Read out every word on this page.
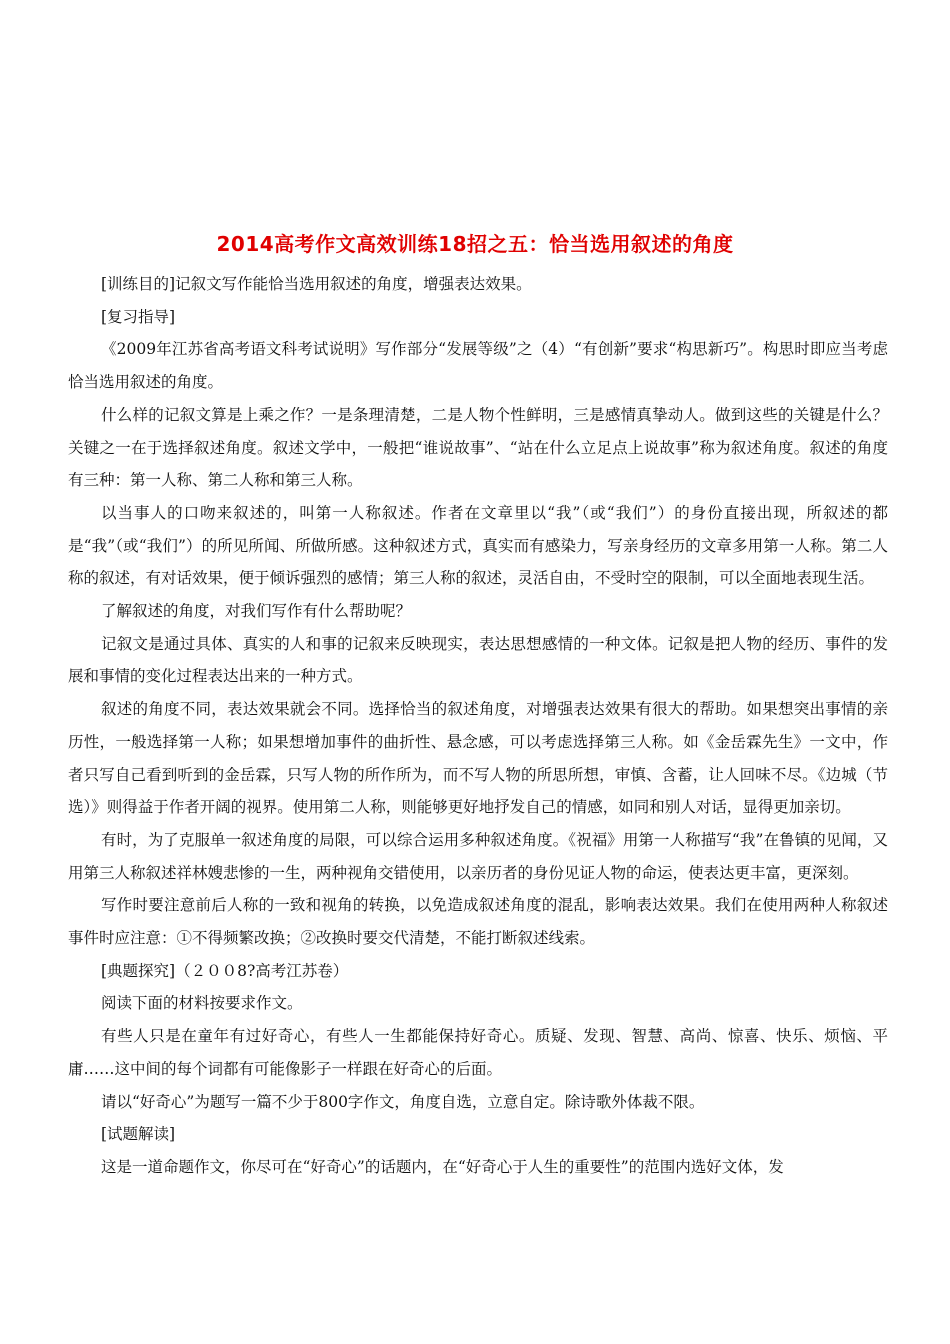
2014高考作文高效训练18招之五：恰当选用叙述的角度

[训练目的]记叙文写作能恰当选用叙述的角度，增强表达效果。

[复习指导]

《2009年江苏省高考语文科考试说明》写作部分“发展等级”之（4）“有创新”要求“构思新巧”。构思时即应当考虑恰当选用叙述的角度。

什么样的记叙文算是上乘之作？一是条理清楚，二是人物个性鲜明，三是感情真挚动人。做到这些的关键是什么？关键之一在于选择叙述角度。叙述文学中，一般把“谁说故事”、“站在什么立足点上说故事”称为叙述角度。叙述的角度有三种：第一人称、第二人称和第三人称。

以当事人的口吻来叙述的，叫第一人称叙述。作者在文章里以“我”（或“我们”）的身份直接出现，所叙述的都是“我”（或“我们”）的所见所闻、所做所感。这种叙述方式，真实而有感染力，写亲身经历的文章多用第一人称。第二人称的叙述，有对话效果，便于倾诉强烈的感情；第三人称的叙述，灵活自由，不受时空的限制，可以全面地表现生活。

了解叙述的角度，对我们写作有什么帮助呢？

记叙文是通过具体、真实的人和事的记叙来反映现实，表达思想感情的一种文体。记叙是把人物的经历、事件的发展和事情的变化过程表达出来的一种方式。

叙述的角度不同，表达效果就会不同。选择恰当的叙述角度，对增强表达效果有很大的帮助。如果想突出事情的亲历性，一般选择第一人称；如果想增加事件的曲折性、悬念感，可以考虑选择第三人称。如《金岳霖先生》一文中，作者只写自己看到听到的金岳霖，只写人物的所作所为，而不写人物的所思所想，审慎、含蓄，让人回味不尽。《边城（节选）》则得益于作者开阔的视界。使用第二人称，则能够更好地抒发自己的情感，如同和别人对话，显得更加亲切。

有时，为了克服单一叙述角度的局限，可以综合运用多种叙述角度。《祝福》用第一人称描写“我”在鲁镇的见闻，又用第三人称叙述祥林嫂悲惨的一生，两种视角交错使用，以亲历者的身份见证人物的命运，使表达更丰富，更深刻。

写作时要注意前后人称的一致和视角的转换，以免造成叙述角度的混乱，影响表达效果。我们在使用两种人称叙述事件时应注意：①不得频繁改换；②改换时要交代清楚，不能打断叙述线索。

[典题探究]（２００8?高考江苏卷）

阅读下面的材料按要求作文。

有些人只是在童年有过好奇心，有些人一生都能保持好奇心。质疑、发现、智慧、高尚、惊喜、快乐、烦恼、平庸……这中间的每个词都有可能像影子一样跟在好奇心的后面。

请以“好奇心”为题写一篇不少于800字作文，角度自选，立意自定。除诗歌外体裁不限。

[试题解读]

这是一道命题作文，你尽可在“好奇心”的话题内，在“好奇心于人生的重要性”的范围内选好文体，发
